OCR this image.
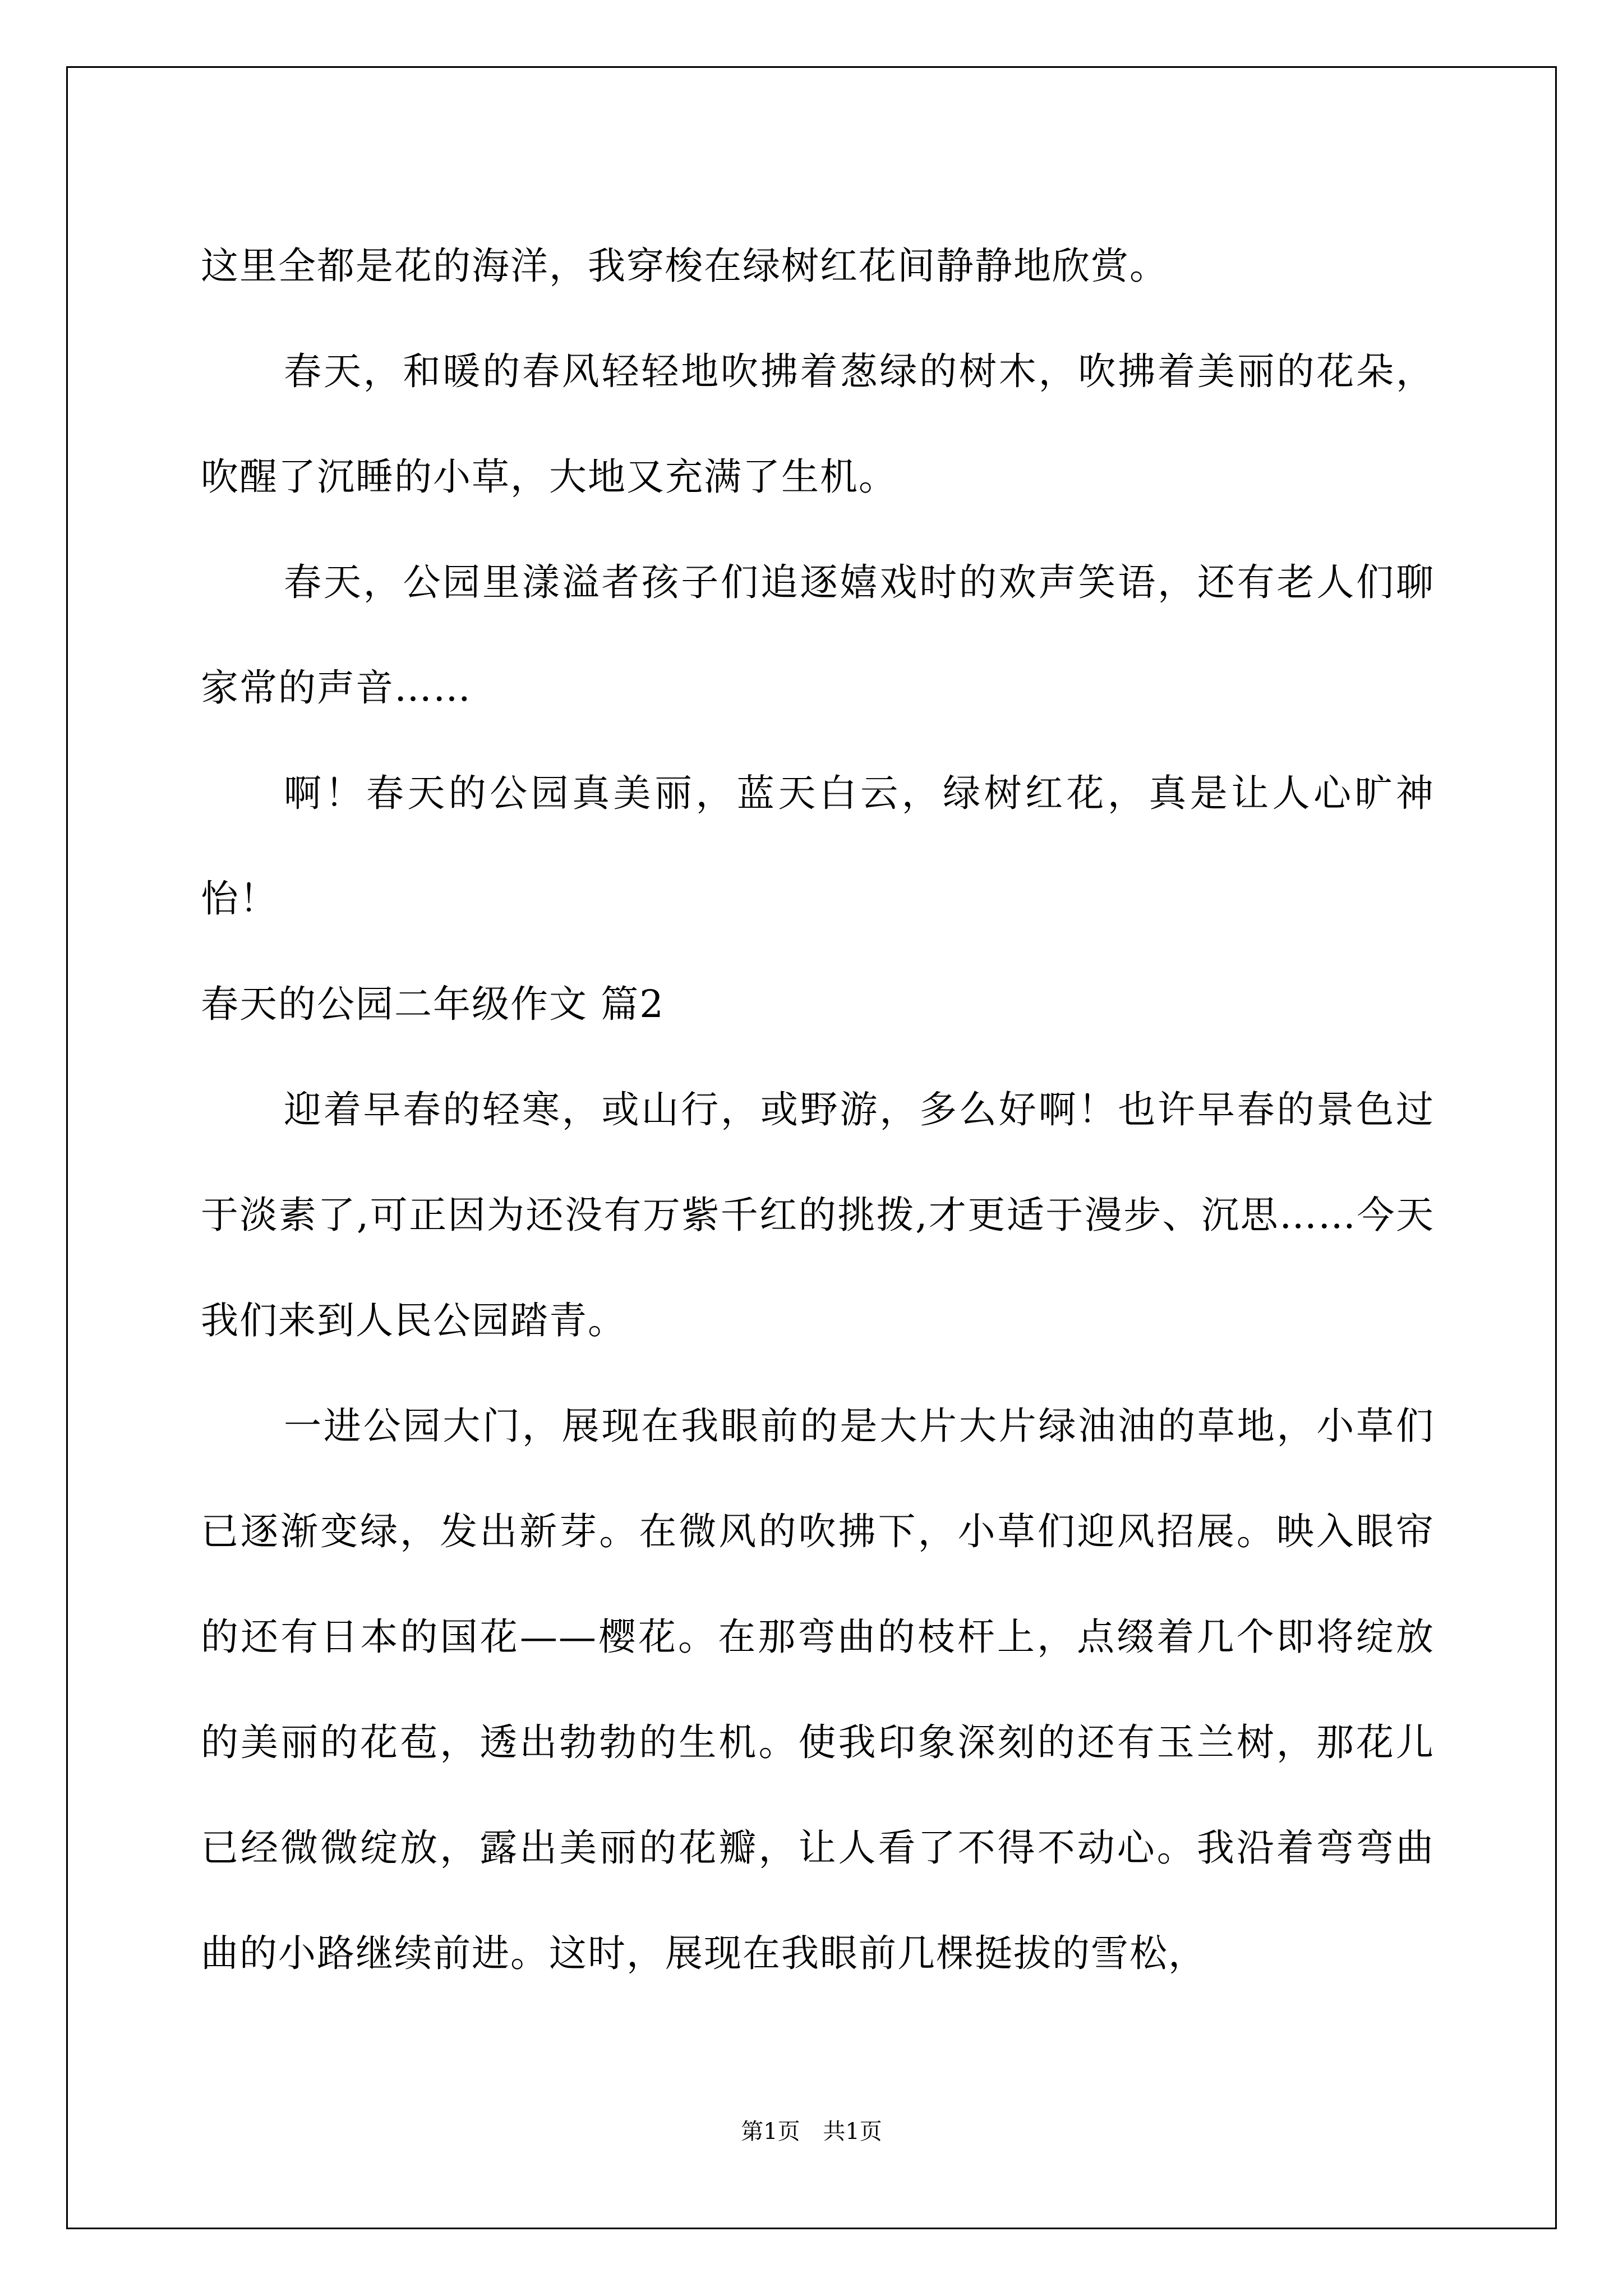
这里全都是花的海洋，我穿梭在绿树红花间静静地欣赏。

春天，和暖的春风轻轻地吹拂着葱绿的树木，吹拂着美丽的花朵，吹醒了沉睡的小草，大地又充满了生机。

春天，公园里漾溢者孩子们追逐嬉戏时的欢声笑语，还有老人们聊家常的声音……

啊！春天的公园真美丽，蓝天白云，绿树红花，真是让人心旷神怡！

春天的公园二年级作文 篇2

迎着早春的轻寒，或山行，或野游，多么好啊！也许早春的景色过于淡素了,可正因为还没有万紫千红的挑拨,才更适于漫步、沉思……今天我们来到人民公园踏青。

一进公园大门，展现在我眼前的是大片大片绿油油的草地，小草们已逐渐变绿，发出新芽。在微风的吹拂下，小草们迎风招展。映入眼帘的还有日本的国花——樱花。在那弯曲的枝杆上，点缀着几个即将绽放的美丽的花苞，透出勃勃的生机。使我印象深刻的还有玉兰树，那花儿已经微微绽放，露出美丽的花瓣，让人看了不得不动心。我沿着弯弯曲曲的小路继续前进。这时，展现在我眼前几棵挺拔的雪松，

第1页 共1页
